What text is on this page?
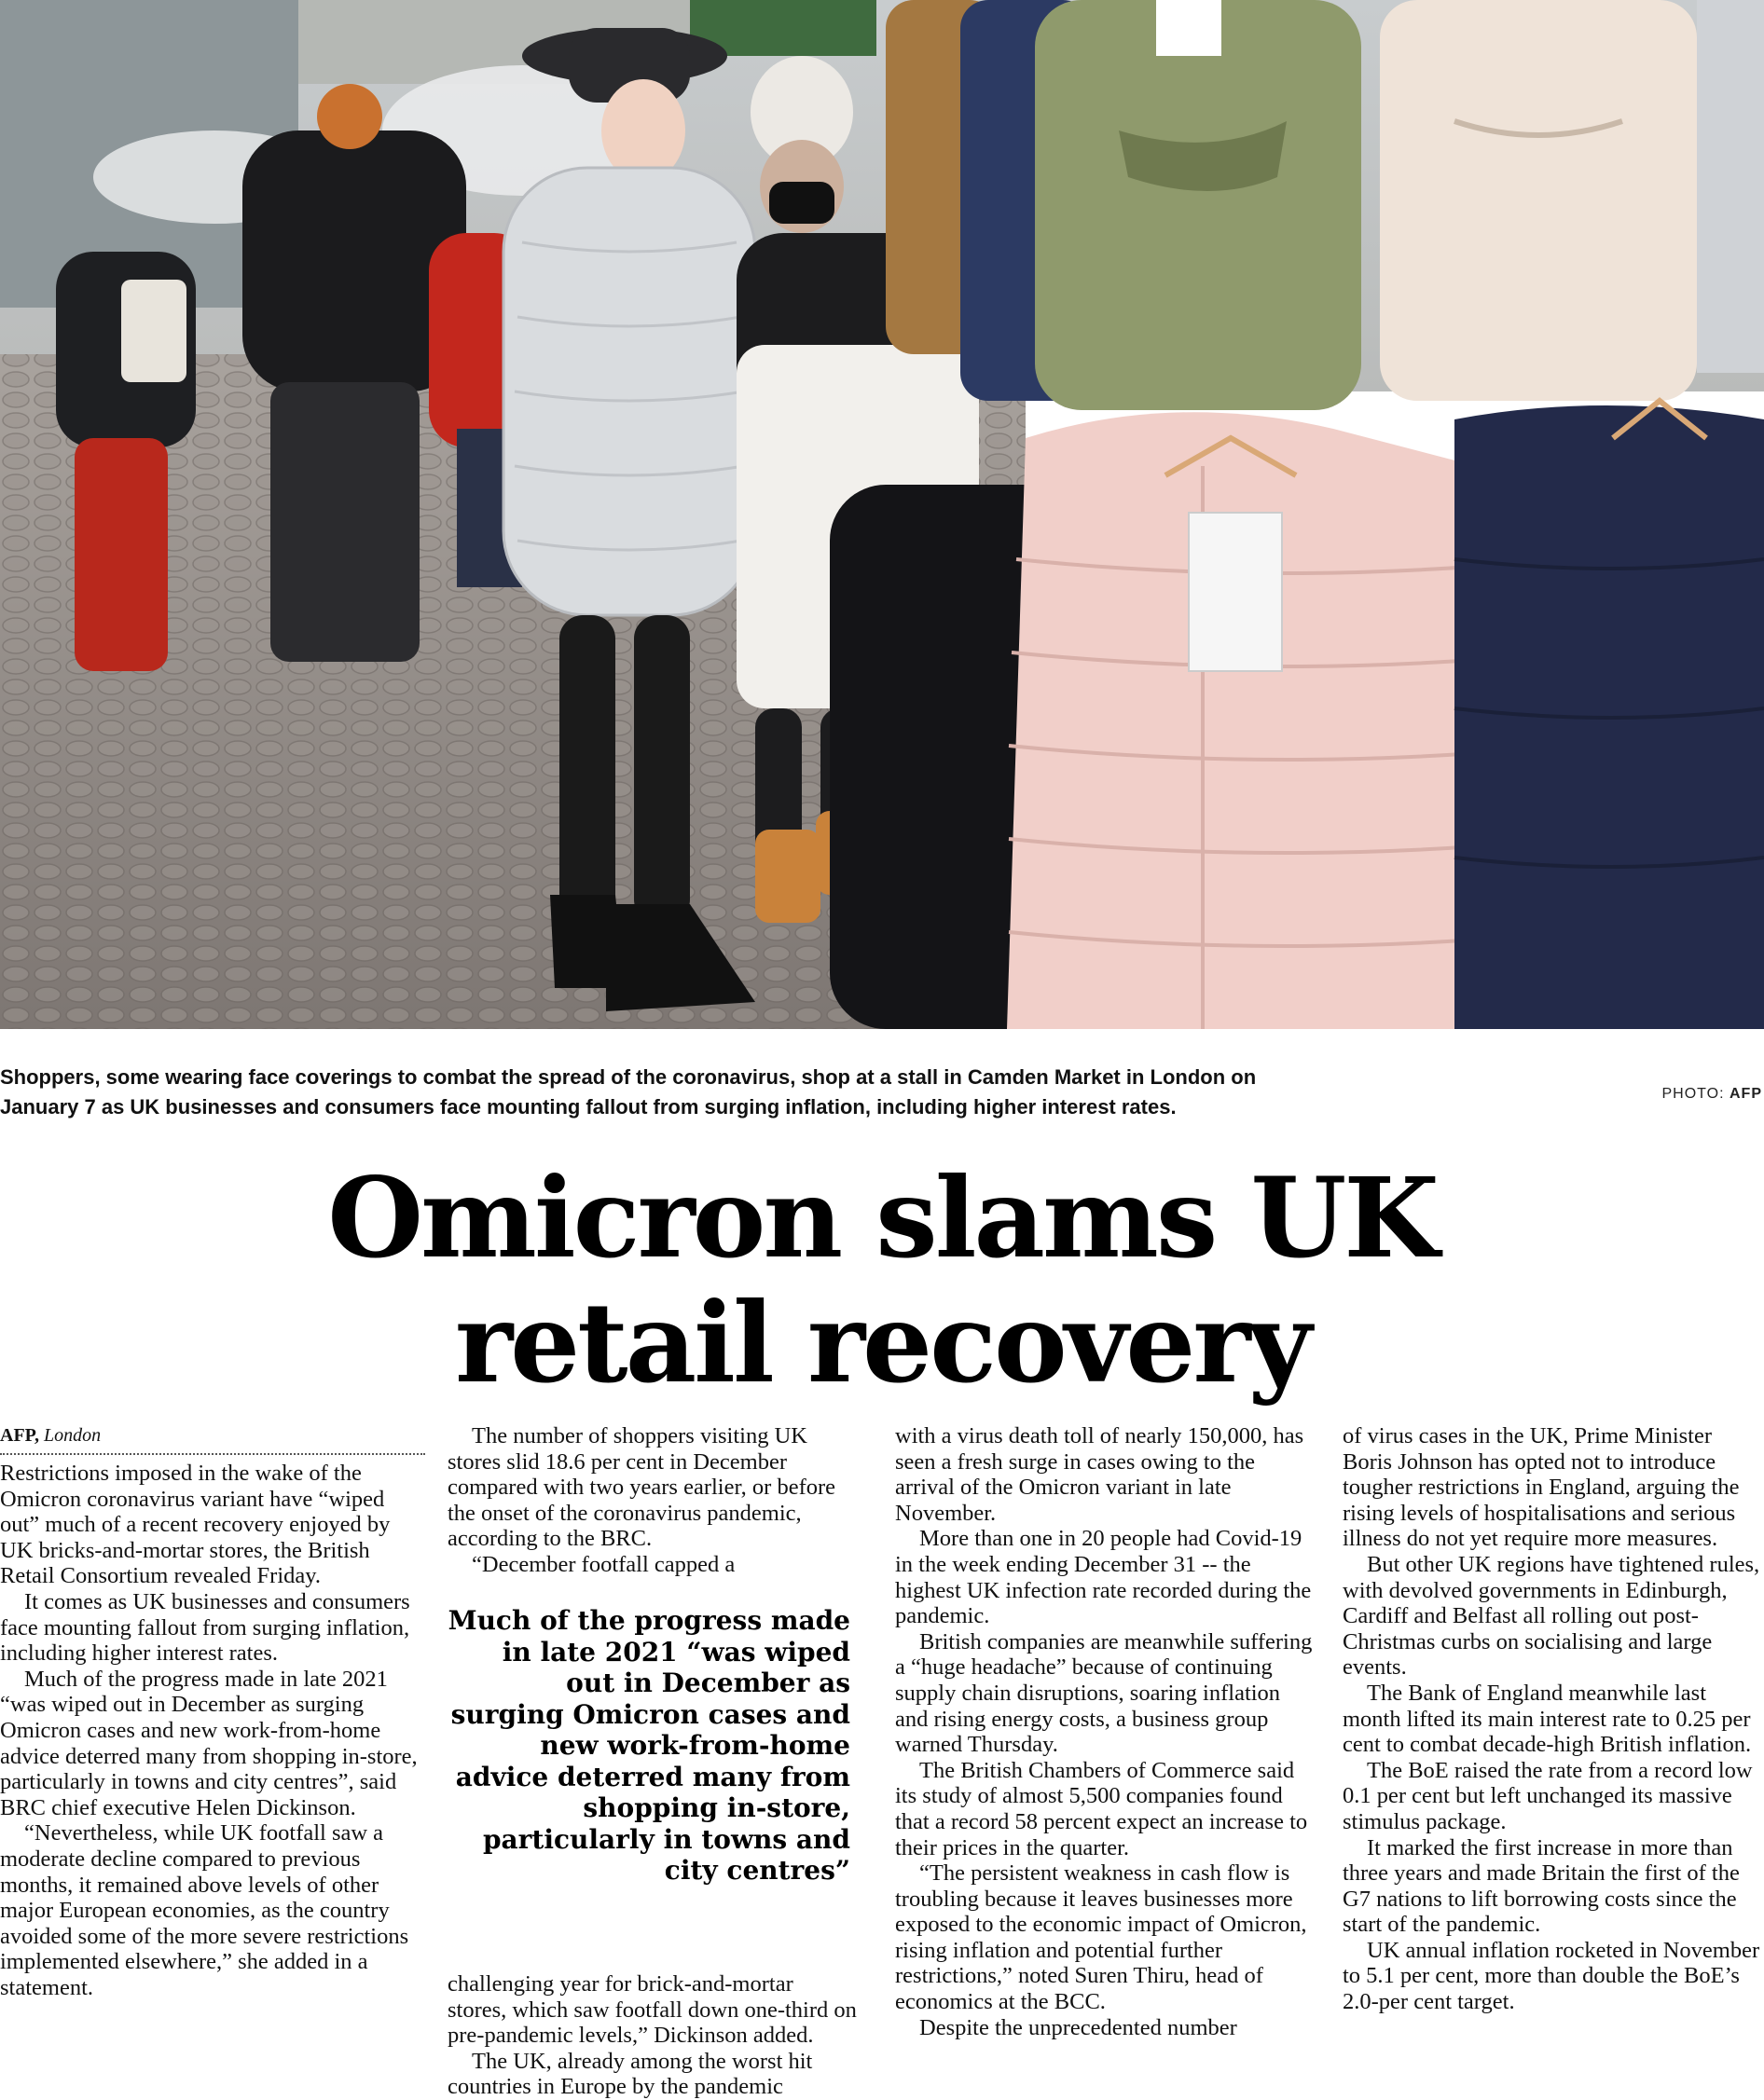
Shoppers, some wearing face coverings to combat the spread of the coronavirus, shop at a stall in Camden Market in London on January 7 as UK businesses and consumers face mounting fallout from surging inflation, including higher interest rates.
PHOTO: AFP
Omicron slams UK
retail recovery
AFP, London

Restrictions imposed in the wake of the Omicron coronavirus variant have “wiped out” much of a recent recovery enjoyed by UK bricks-and-mortar stores, the British Retail Consortium revealed Friday.

It comes as UK businesses and consumers face mounting fallout from surging inflation, including higher interest rates.

Much of the progress made in late 2021 “was wiped out in December as surging Omicron cases and new work-from-home advice deterred many from shopping in-store, particularly in towns and city centres”, said BRC chief executive Helen Dickinson.

“Nevertheless, while UK footfall saw a moderate decline compared to previous months, it remained above levels of other major European economies, as the country avoided some of the more severe restrictions implemented elsewhere,” she added in a statement.

The number of shoppers visiting UK stores slid 18.6 per cent in December compared with two years earlier, or before the onset of the coronavirus pandemic, according to the BRC.

“December footfall capped a

Much of the progress made in late 2021 “was wiped out in December as surging Omicron cases and new work-from-home advice deterred many from shopping in-store, particularly in towns and city centres”

challenging year for brick-and-mortar stores, which saw footfall down one-third on pre-pandemic levels,” Dickinson added.

The UK, already among the worst hit countries in Europe by the pandemic

with a virus death toll of nearly 150,000, has seen a fresh surge in cases owing to the arrival of the Omicron variant in late November.

More than one in 20 people had Covid-19 in the week ending December 31 -- the highest UK infection rate recorded during the pandemic.

British companies are meanwhile suffering a “huge headache” because of continuing supply chain disruptions, soaring inflation and rising energy costs, a business group warned Thursday.

The British Chambers of Commerce said its study of almost 5,500 companies found that a record 58 percent expect an increase to their prices in the quarter.

“The persistent weakness in cash flow is troubling because it leaves businesses more exposed to the economic impact of Omicron, rising inflation and potential further restrictions,” noted Suren Thiru, head of economics at the BCC.

Despite the unprecedented number

of virus cases in the UK, Prime Minister Boris Johnson has opted not to introduce tougher restrictions in England, arguing the rising levels of hospitalisations and serious illness do not yet require more measures.

But other UK regions have tightened rules, with devolved governments in Edinburgh, Cardiff and Belfast all rolling out post-Christmas curbs on socialising and large events.

The Bank of England meanwhile last month lifted its main interest rate to 0.25 per cent to combat decade-high British inflation.

The BoE raised the rate from a record low 0.1 per cent but left unchanged its massive stimulus package.

It marked the first increase in more than three years and made Britain the first of the G7 nations to lift borrowing costs since the start of the pandemic.

UK annual inflation rocketed in November to 5.1 per cent, more than double the BoE’s 2.0-per cent target.
